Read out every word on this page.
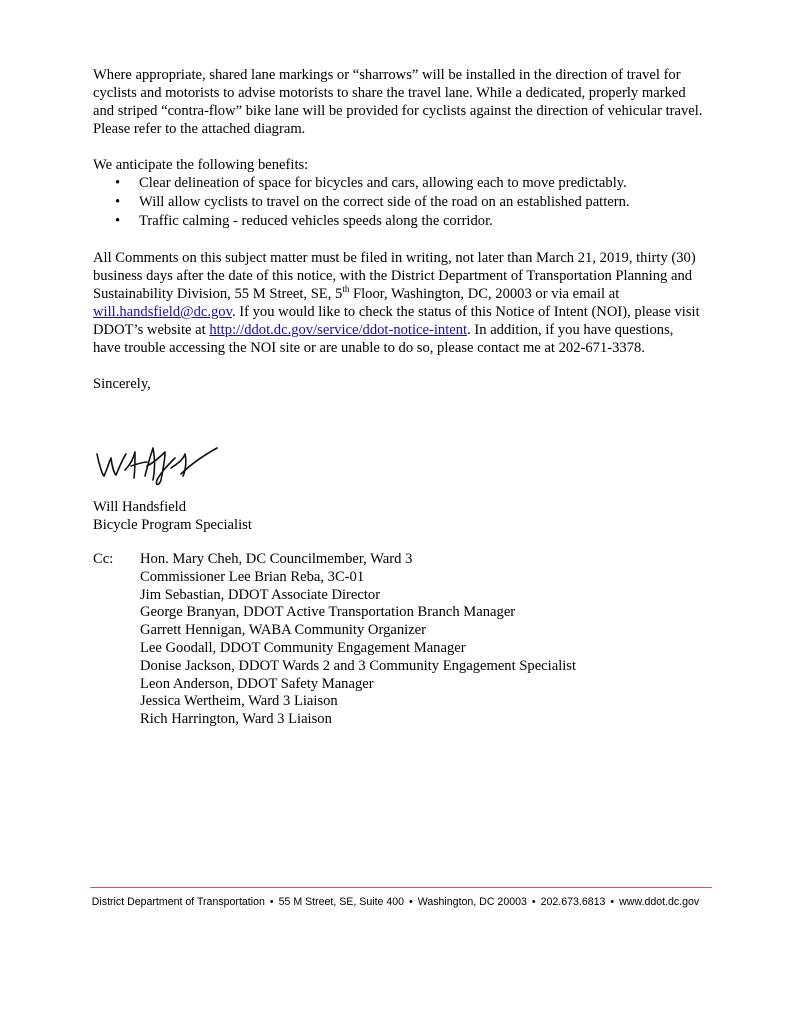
Where appropriate, shared lane markings or “sharrows” will be installed in the direction of travel for cyclists and motorists to advise motorists to share the travel lane. While a dedicated, properly marked and striped “contra-flow” bike lane will be provided for cyclists against the direction of vehicular travel. Please refer to the attached diagram.

We anticipate the following benefits:

• Clear delineation of space for bicycles and cars, allowing each to move predictably.
• Will allow cyclists to travel on the correct side of the road on an established pattern.
• Traffic calming - reduced vehicles speeds along the corridor.

All Comments on this subject matter must be filed in writing, not later than March 21, 2019, thirty (30) business days after the date of this notice, with the District Department of Transportation Planning and Sustainability Division, 55 M Street, SE, 5th Floor, Washington, DC, 20003 or via email at will.handsfield@dc.gov. If you would like to check the status of this Notice of Intent (NOI), please visit DDOT’s website at http://ddot.dc.gov/service/ddot-notice-intent. In addition, if you have questions, have trouble accessing the NOI site or are unable to do so, please contact me at 202-671-3378.

Sincerely,

Will Handsfield

Bicycle Program Specialist

Cc: Hon. Mary Cheh, DC Councilmember, Ward 3
Commissioner Lee Brian Reba, 3C-01
Jim Sebastian, DDOT Associate Director
George Branyan, DDOT Active Transportation Branch Manager
Garrett Hennigan, WABA Community Organizer
Lee Goodall, DDOT Community Engagement Manager
Donise Jackson, DDOT Wards 2 and 3 Community Engagement Specialist
Leon Anderson, DDOT Safety Manager
Jessica Wertheim, Ward 3 Liaison
Rich Harrington, Ward 3 Liaison
District Department of Transportation • 55 M Street, SE, Suite 400 • Washington, DC 20003 • 202.673.6813 • www.ddot.dc.gov
